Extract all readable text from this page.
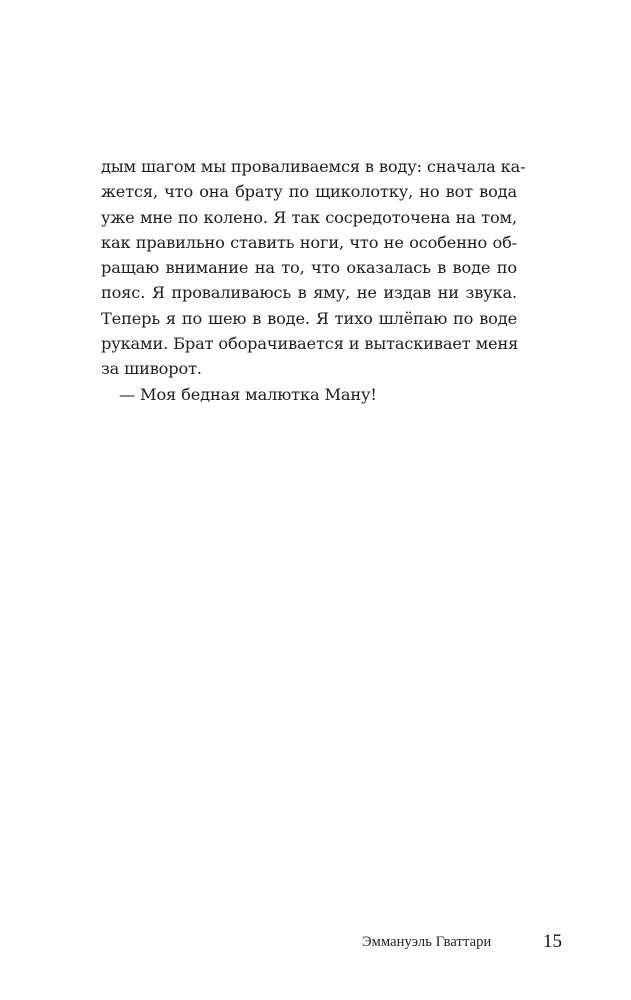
дым шагом мы проваливаемся в воду: сначала ка-
жется, что она брату по щиколотку, но вот вода
уже мне по колено. Я так сосредоточена на том,
как правильно ставить ноги, что не особенно об-
ращаю внимание на то, что оказалась в воде по
пояс. Я проваливаюсь в яму, не издав ни звука.
Теперь я по шею в воде. Я тихо шлёпаю по воде
руками. Брат оборачивается и вытаскивает меня
за шиворот.
— Моя бедная малютка Ману!
Эммануэль Гваттари	15
